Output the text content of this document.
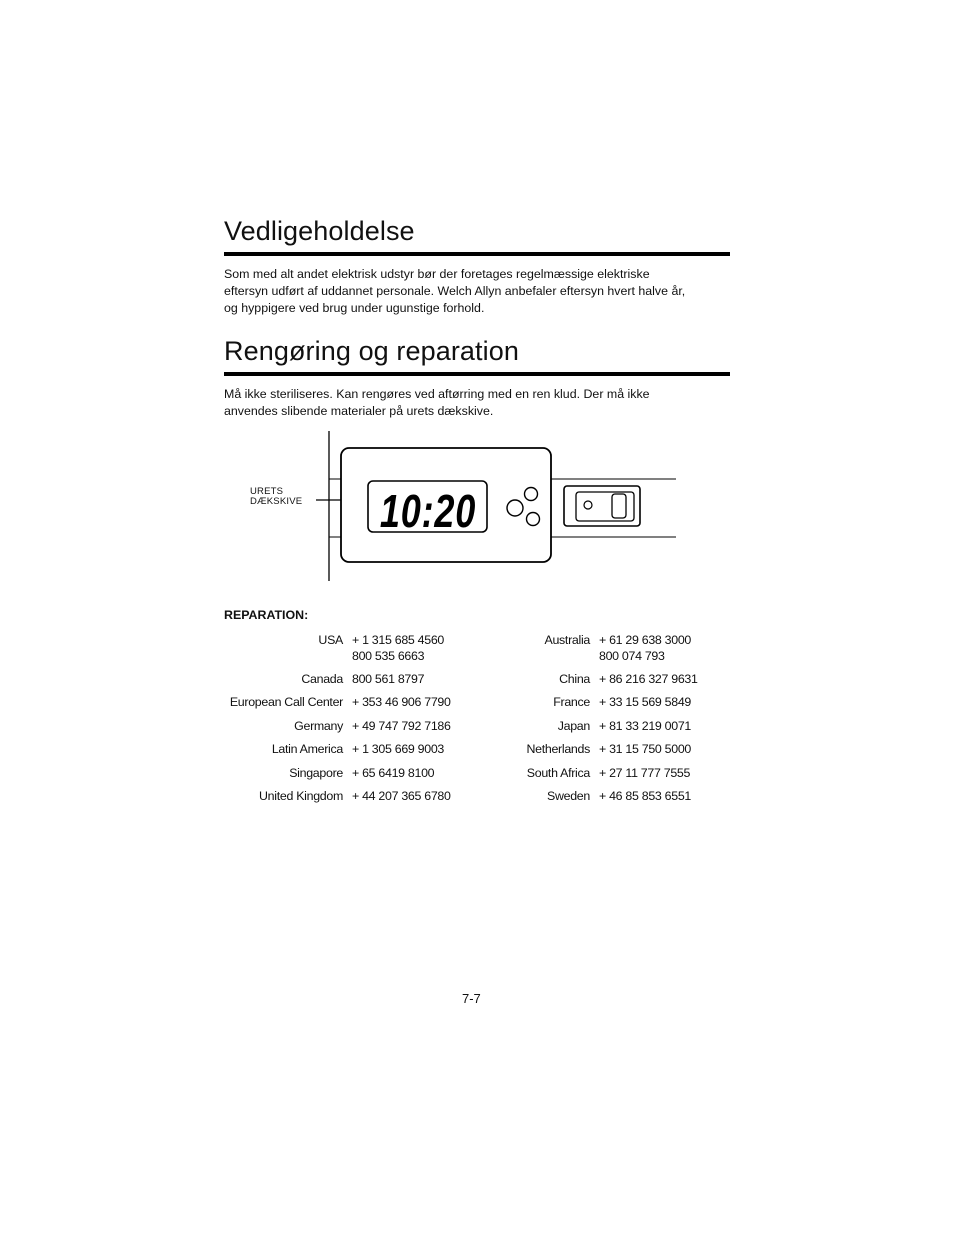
Vedligeholdelse

Som med alt andet elektrisk udstyr bør der foretages regelmæssige elektriske
eftersyn udført af uddannet personale. Welch Allyn anbefaler eftersyn hvert halve år,
og hyppigere ved brug under ugunstige forhold.

Rengøring og reparation

Må ikke steriliseres. Kan rengøres ved aftørring med en ren klud. Der må ikke
anvendes slibende materialer på urets dækskive.

URETS
DÆKSKIVE 10:20
REPARATION:
USA + 1 315 685 4560
800 535 6663
Canada 800 561 8797
European Call Center + 353 46 906 7790
Germany + 49 747 792 7186
Latin America + 1 305 669 9003
Singapore + 65 6419 8100
United Kingdom + 44 207 365 6780
Australia + 61 29 638 3000
800 074 793
China + 86 216 327 9631
France + 33 15 569 5849
Japan + 81 33 219 0071
Netherlands + 31 15 750 5000
South Africa + 27 11 777 7555
Sweden + 46 85 853 6551
7-7
